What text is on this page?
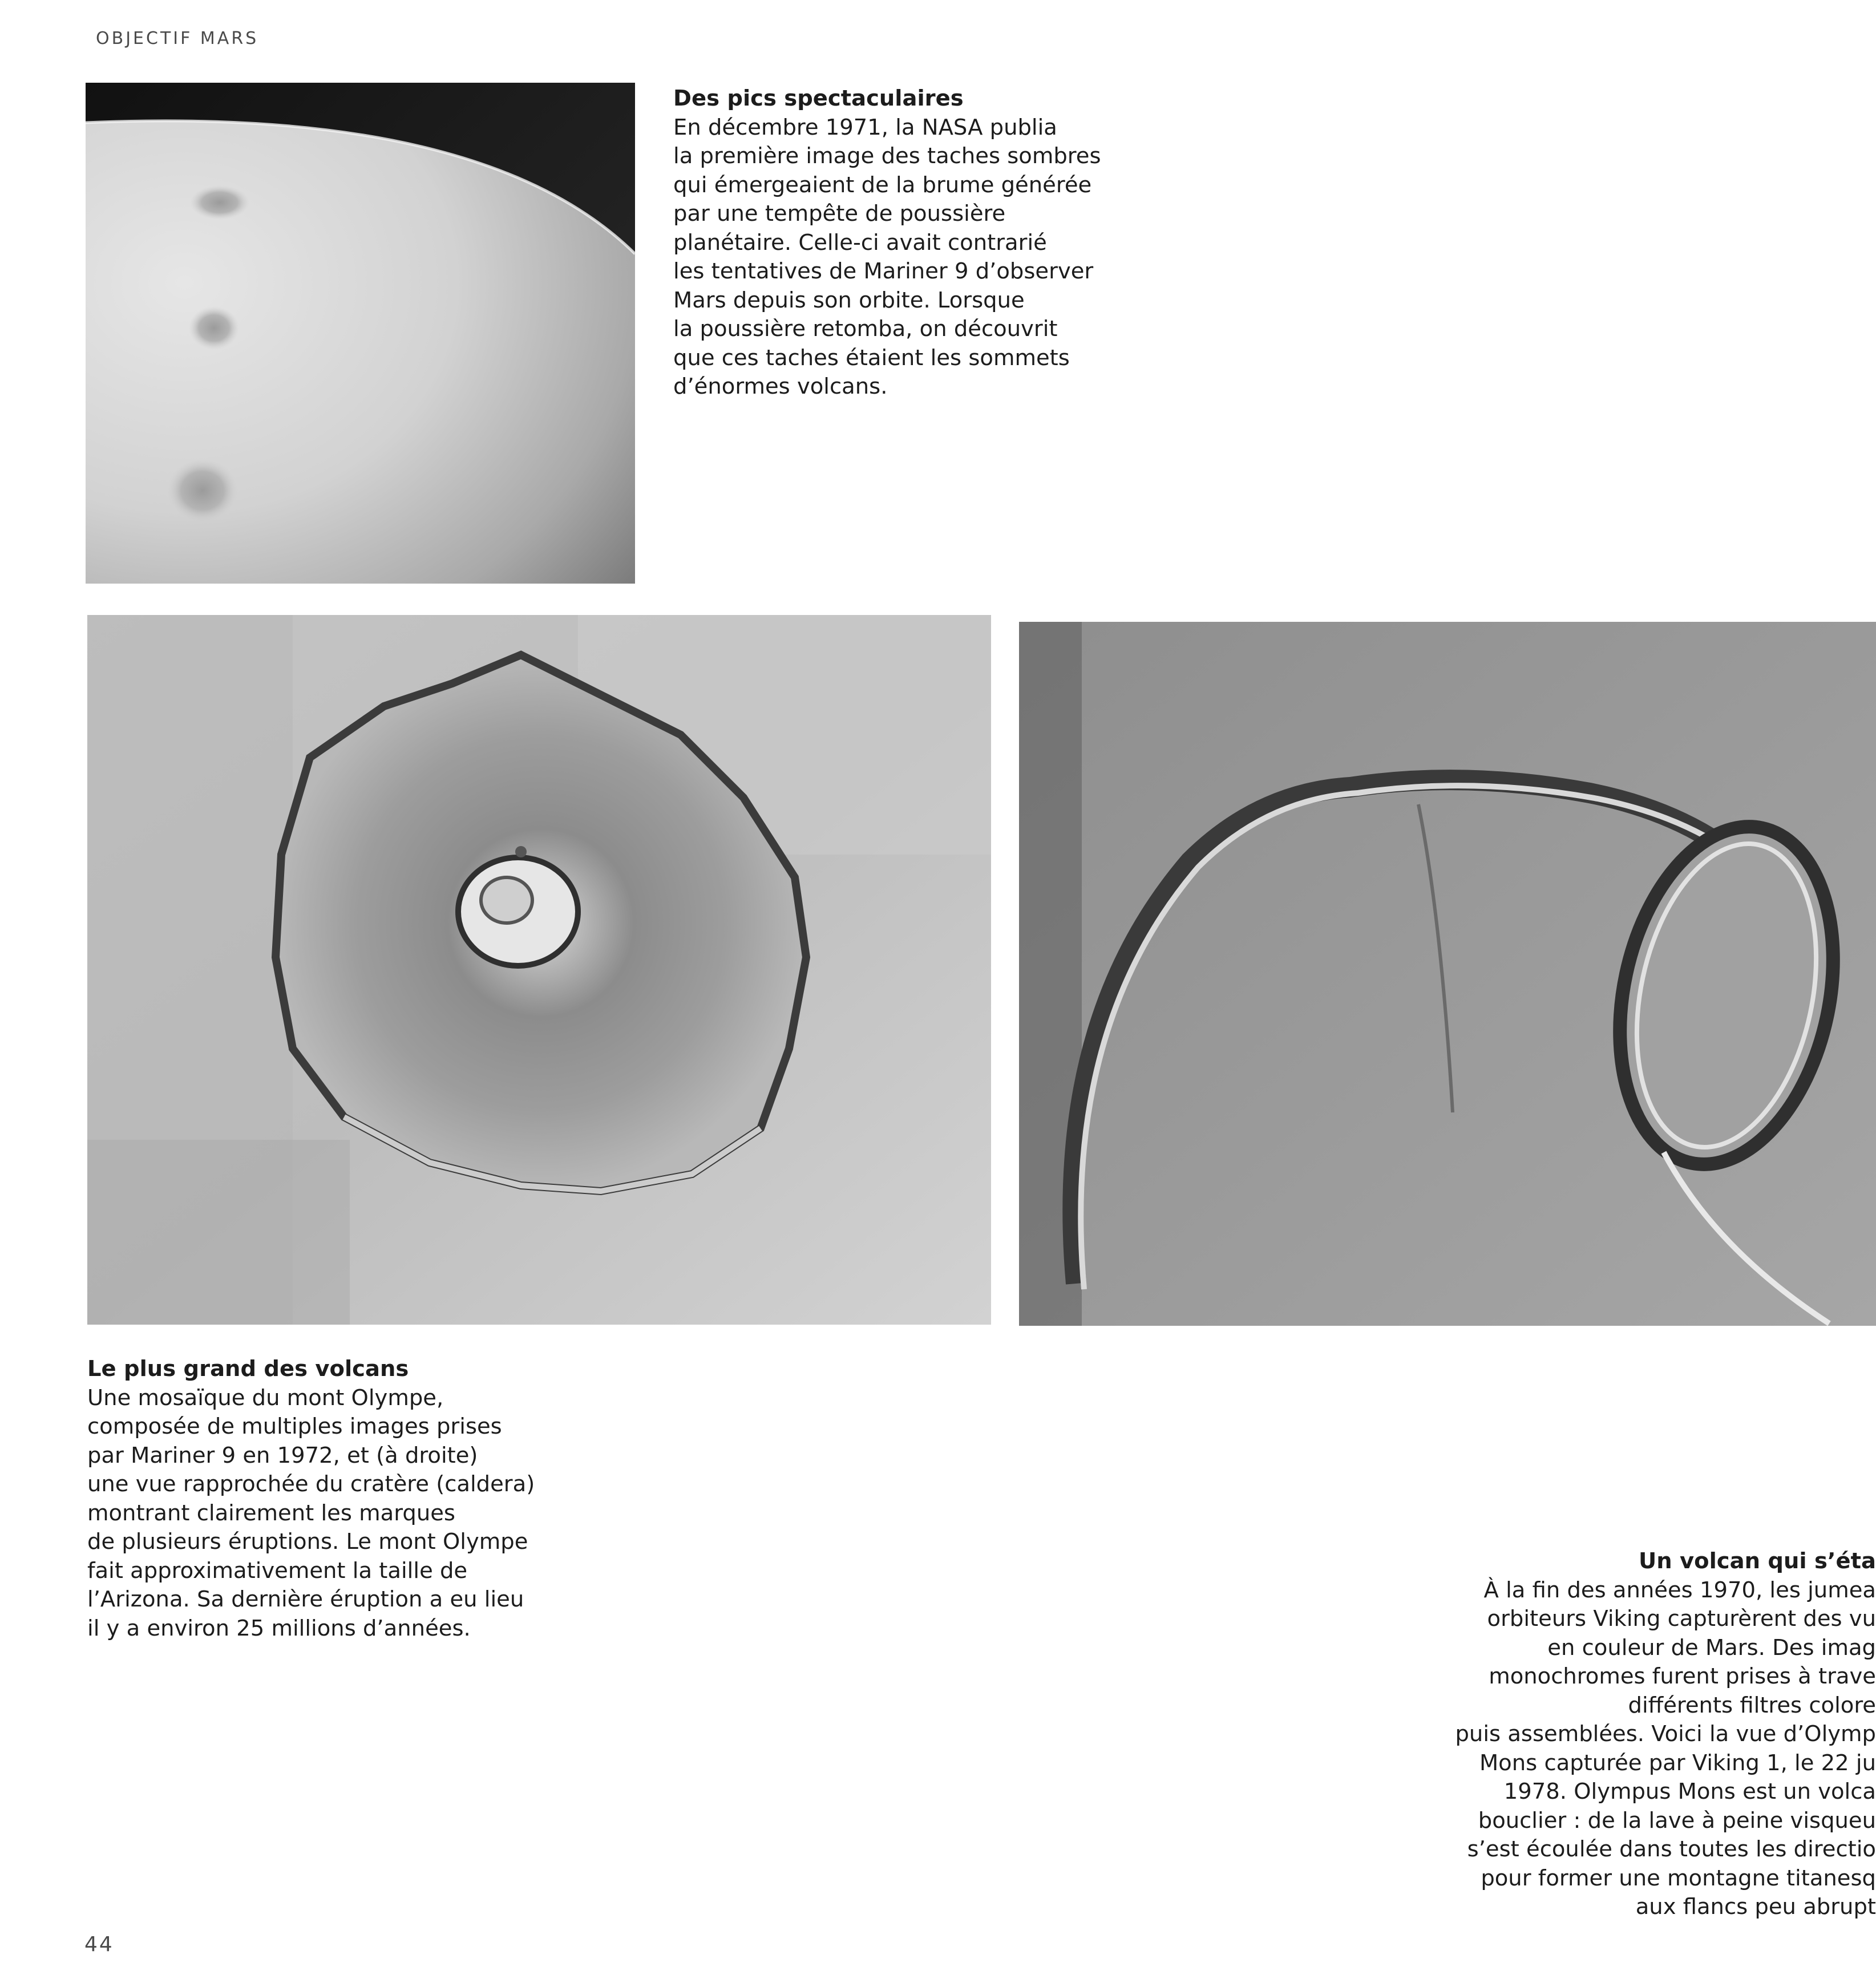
OBJECTIF MARS
Des pics spectaculaires
En décembre 1971, la NASA publia
la première image des taches sombres
qui émergeaient de la brume générée
par une tempête de poussière
planétaire. Celle-ci avait contrarié
les tentatives de Mariner 9 d’observer
Mars depuis son orbite. Lorsque
la poussière retomba, on découvrit
que ces taches étaient les sommets
d’énormes volcans.
Le plus grand des volcans
Une mosaïque du mont Olympe,
composée de multiples images prises
par Mariner 9 en 1972, et (à droite)
une vue rapprochée du cratère (caldera)
montrant clairement les marques
de plusieurs éruptions. Le mont Olympe
fait approximativement la taille de
l’Arizona. Sa dernière éruption a eu lieu
il y a environ 25 millions d’années.
Un volcan qui s’éta
À la fin des années 1970, les jumea
orbiteurs Viking capturèrent des vu
en couleur de Mars. Des imag
monochromes furent prises à trave
différents filtres colore
puis assemblées. Voici la vue d’Olymp
Mons capturée par Viking 1, le 22 ju
1978. Olympus Mons est un volca
bouclier : de la lave à peine visqueu
s’est écoulée dans toutes les directio
pour former une montagne titanesq
aux flancs peu abrupt
44
